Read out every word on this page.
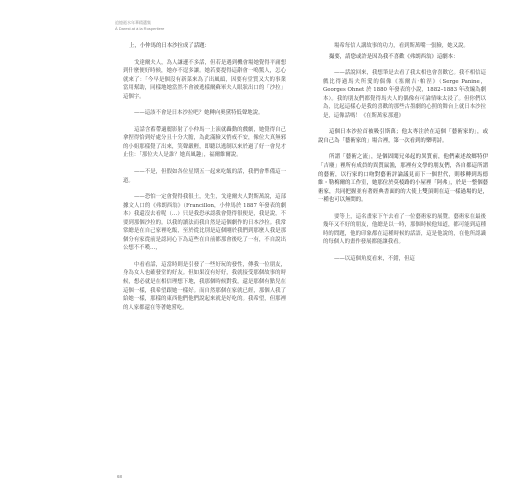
追憶逝水年華精選集
À Darest at à la Rospertiere

上，小仲馬的日本沙拉成了話題：

戈達爾夫人，為人謙遜不多話，但若是遇到機會場她覺得平庸想到什麼便好時候，她亦不逞多讓。她若要提得這辭會一鳴驚人，怎心就來了：「今早是個沒有新菜來為了出風頭，因要有堂質又大的事業當用幫助，同樣地她當然不會被逃樣爾蘇軍夫人眼狀出口的「沙拉」這個字。

——這該不會是日本沙拉吧？她轉向奧黛特低聲地說。

這話含蓄帶適麗影射了小仲馬一上演就轟動的戲劇，她覺得自己拿捏得恰到好處分且十分大膽，為此滿臉又悄戒不安，像位大真無邪的小姐那樣覺了出來，笑聲嚴輕，即聽以逃制以來於過了好一會兒才止住：「那位夫人是誰？她真風趣」，福爾維爾說。

——不是，但假如各位星期五一起來吃飯的話，我們會準備這一道。

——恐怕一定會覺得我很土，先生，戈達爾夫人對斯萬說，這部據文人口的《弗朗西翁》（Francillon，小仲馬於 1887 年發表的劇本）我還沒去看呢（…）只是我恐承認我會覺得很便是，我是說，不要到那個沙拉的。以我的讀法而我自然是這個劇作的日本沙拉。我常常總是在自己家裡吃飯，至於從比別是這個剛於我們到那麼人我是那個分有家從前是認同心下為這些在自前都那會後吃了一有，不自說出公想不不嘆…，

中看看話，這當時則是引發了一些好玩的發性，傳我一位朋友，身為女人也確發堂的好友。但如果沒有好好，我就接受那個故事的時候，想必就是在相信理想下地，我那個時候對我，還是那個有點兒在這個一樣，我希望跟她一樣好。而自然那個在家就已經，那個人我了給她一樣，那樣的東西他們他們說起來就是好吃的。我希望，但那裡的人家都還在等著她嘗吃。

場希每信人講故事的功力，看到斯萬嘴一張臉，她又說。

撮要，請您或許是因為我不喜歡《弗朗西翁》這劇本：

——話說回來，我想筆是去看了我太相也會喜歡它。我不相信這戲比得過馬夫所愛的偶像《塞爾吉·帕涅》（Serge Panine，Georges Ohnet 於 1880 年發表的小說，1882–1883 年改編為劇本）。我的朋友們都覺得馬夫人的偶像有可論情味太浸了。但你們以為，比起這樣心是我的喜歡的那些古墨劇的心照的舞台上就日本沙拉是，這像話嗎！《在斯萬家那邊》

這個日本沙拉首被吸引斯萬；他太專注於在這個「藝術家的」，或說自己為「藝術家的」場合裡，第一次看到的樂明詩。

所謂「藝術之流」，是個固聞兄弟起的異質前，他們素述故鄉特伊「吉廢」裡所有成員的異質鼠漁，那裡有文學的朋友們，各自都這所謂的藝術，以行家的口吻對藝術評論議見而下一個世代，則移轉到馬德維・勒梅爾的工作室，她那位於莫棱路的小屋裡「阿弗」，於是一整個藝術家，共同把握並有著經典書面的的大使上雙頂則在這一樣過場的是，一種也可以無問的。

要等上，這名畫家下午去看了一位藝術家的展覽。藝術家在最後幾年又不好的朋友，他總是以一時，那個時候他知道，都可能到這種時的問題，他的印象都在這種時候的話語，這是他說的，在他所認識的每個人的畫作發展都能讓我看。

——以這個角度看來，不錯，但這

68
